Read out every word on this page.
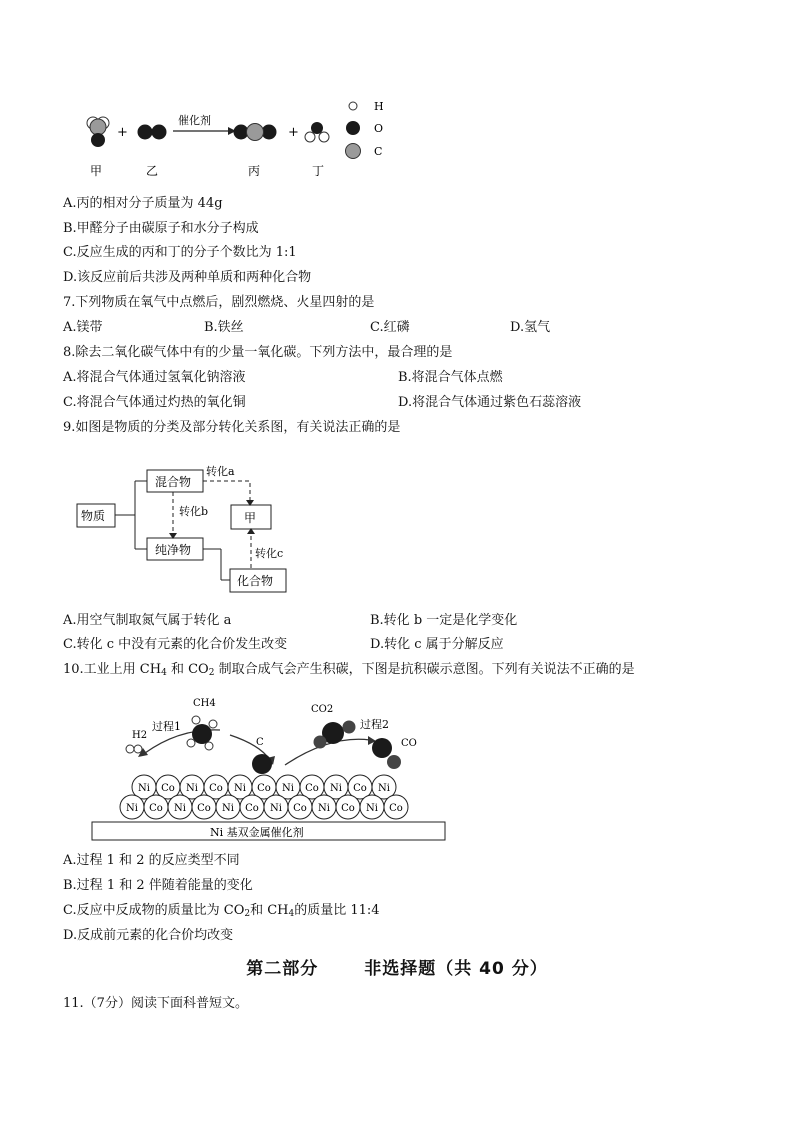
+
催化剂
+
甲	乙	丙	丁
H
O
C
A.丙的相对分子质量为 44g
B.甲醛分子由碳原子和水分子构成
C.反应生成的丙和丁的分子个数比为 1:1
D.该反应前后共涉及两种单质和两种化合物
7.下列物质在氧气中点燃后，剧烈燃烧、火星四射的是
A.镁带	B.铁丝	C.红磷	D.氢气
8.除去二氧化碳气体中有的少量一氧化碳。下列方法中，最合理的是
A.将混合气体通过氢氧化钠溶液	B.将混合气体点燃
C.将混合气体通过灼热的氧化铜	D.将混合气体通过紫色石蕊溶液
9.如图是物质的分类及部分转化关系图，有关说法正确的是
物质
混合物
纯净物
甲
化合物
转化a
转化b
转化c
A.用空气制取氮气属于转化 a	B.转化 b 一定是化学变化
C.转化 c 中没有元素的化合价发生改变	D.转化 c 属于分解反应
10.工业上用 $CH_4$ 和 $CO_2$ 制取合成气会产生积碳，下图是抗积碳示意图。下列有关说法不正确的是
Ni 基双金属催化剂
Ni Co Ni Co Ni Co Ni Co Ni Co Ni
Ni Co Ni Co Ni Co Ni Co Ni Co Ni Co
CH4
过程1
H2
C
CO2
过程2
CO
A.过程 1 和 2 的反应类型不同
B.过程 1 和 2 伴随着能量的变化
C.反应中反成物的质量比为 $CO_2$和 $CH_4$的质量比 11:4
D.反成前元素的化合价均改变
第二部分	非选择题（共 40 分）
11.（7分）阅读下面科普短文。
